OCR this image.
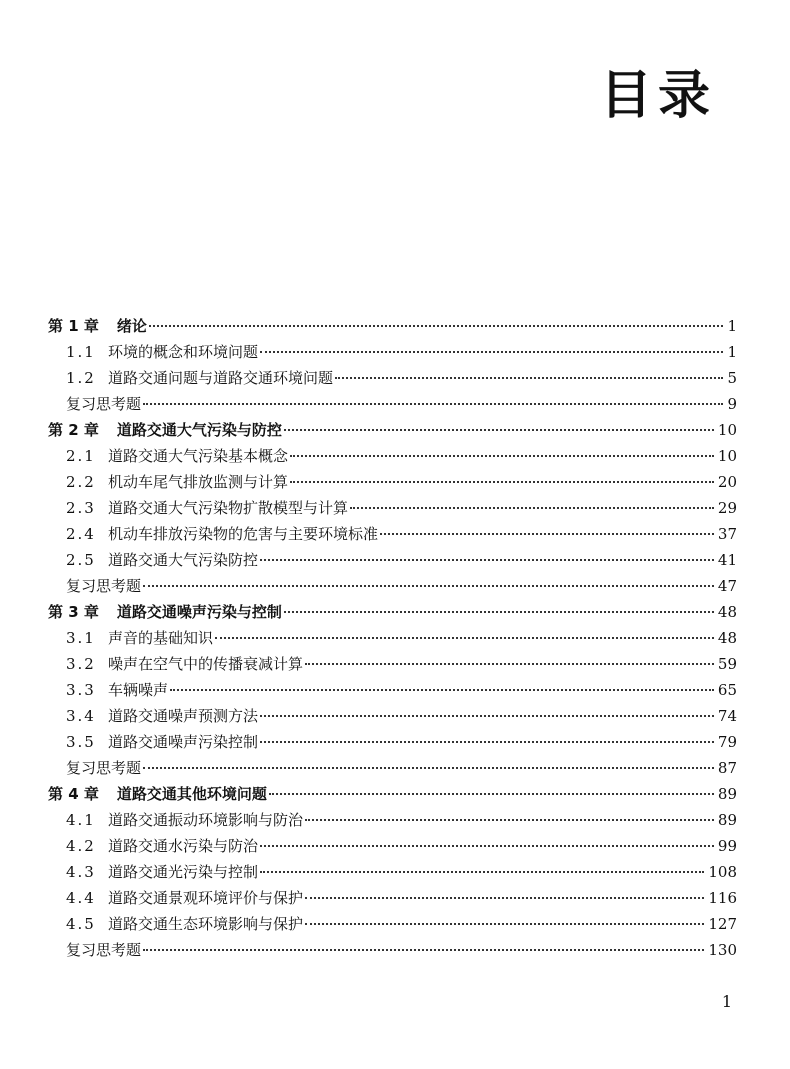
目录
第 1 章 绪论	1
1.1 环境的概念和环境问题	1
1.2 道路交通问题与道路交通环境问题	5
复习思考题	9
第 2 章 道路交通大气污染与防控	10
2.1 道路交通大气污染基本概念	10
2.2 机动车尾气排放监测与计算	20
2.3 道路交通大气污染物扩散模型与计算	29
2.4 机动车排放污染物的危害与主要环境标准	37
2.5 道路交通大气污染防控	41
复习思考题	47
第 3 章 道路交通噪声污染与控制	48
3.1 声音的基础知识	48
3.2 噪声在空气中的传播衰减计算	59
3.3 车辆噪声	65
3.4 道路交通噪声预测方法	74
3.5 道路交通噪声污染控制	79
复习思考题	87
第 4 章 道路交通其他环境问题	89
4.1 道路交通振动环境影响与防治	89
4.2 道路交通水污染与防治	99
4.3 道路交通光污染与控制	108
4.4 道路交通景观环境评价与保护	116
4.5 道路交通生态环境影响与保护	127
复习思考题	130
1
